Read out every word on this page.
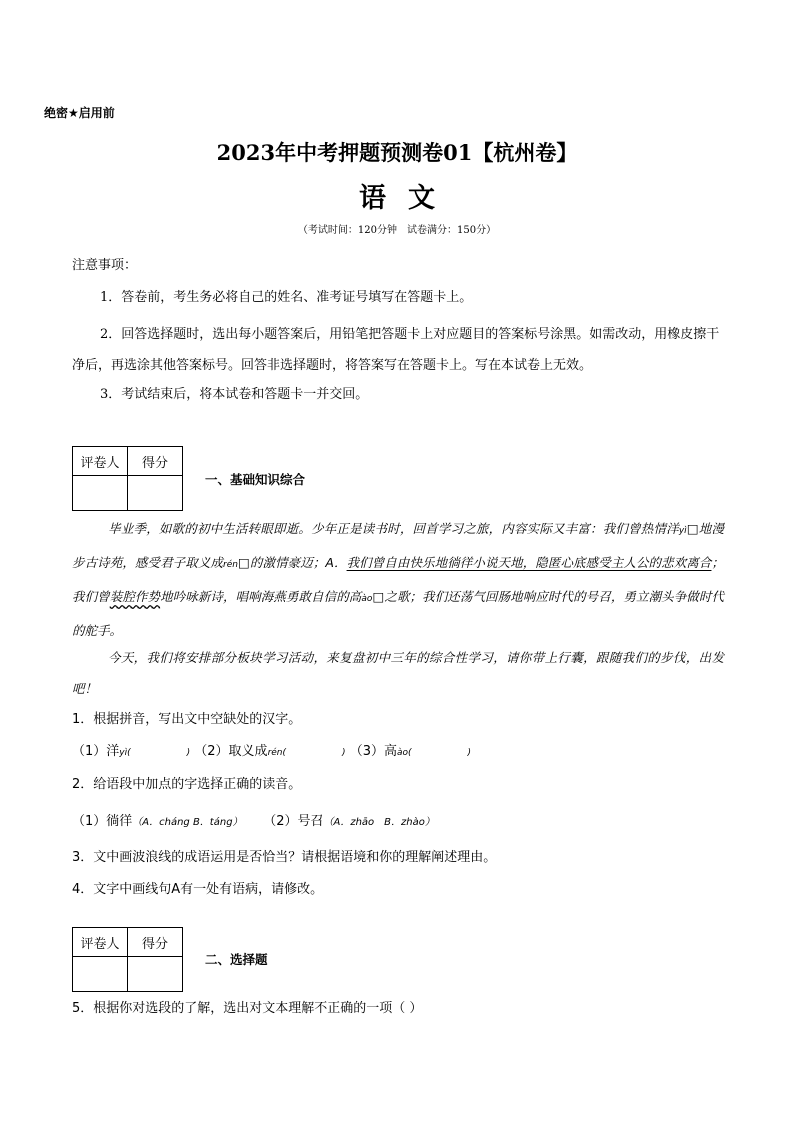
绝密★启用前
2023年中考押题预测卷01【杭州卷】
语文
（考试时间：120分钟　试卷满分：150分）
注意事项：
1．答卷前，考生务必将自己的姓名、准考证号填写在答题卡上。
2．回答选择题时，选出每小题答案后，用铅笔把答题卡上对应题目的答案标号涂黑。如需改动，用橡皮擦干净后，再选涂其他答案标号。回答非选择题时，将答案写在答题卡上。写在本试卷上无效。
3．考试结束后，将本试卷和答题卡一并交回。
评卷人	得分

一、基础知识综合
毕业季，如歌的初中生活转眼即逝。少年正是读书时，回首学习之旅，内容实际又丰富：我们曾热情洋yì□地漫步古诗苑，感受君子取义成rén□的激情豪迈；A．我们曾自由快乐地徜徉小说天地，隐匿心底感受主人公的悲欢离合；我们曾装腔作势地吟咏新诗，唱响海燕勇敢自信的高ào□之歌；我们还荡气回肠地响应时代的号召，勇立潮头争做时代的舵手。
今天，我们将安排部分板块学习活动，来复盘初中三年的综合性学习，请你带上行囊，跟随我们的步伐，出发吧！
1．根据拼音，写出文中空缺处的汉字。
（1）洋yì(	) （2）取义成rén(	) （3）高ào(	)
2．给语段中加点的字选择正确的读音。
（1）徜徉（A．cháng B．táng） （2）号召（A．zhāo　B．zhào）
3．文中画波浪线的成语运用是否恰当？请根据语境和你的理解阐述理由。
4．文字中画线句A有一处有语病，请修改。
评卷人	得分

二、选择题
5．根据你对选段的了解，选出对文本理解不正确的一项（ ）
